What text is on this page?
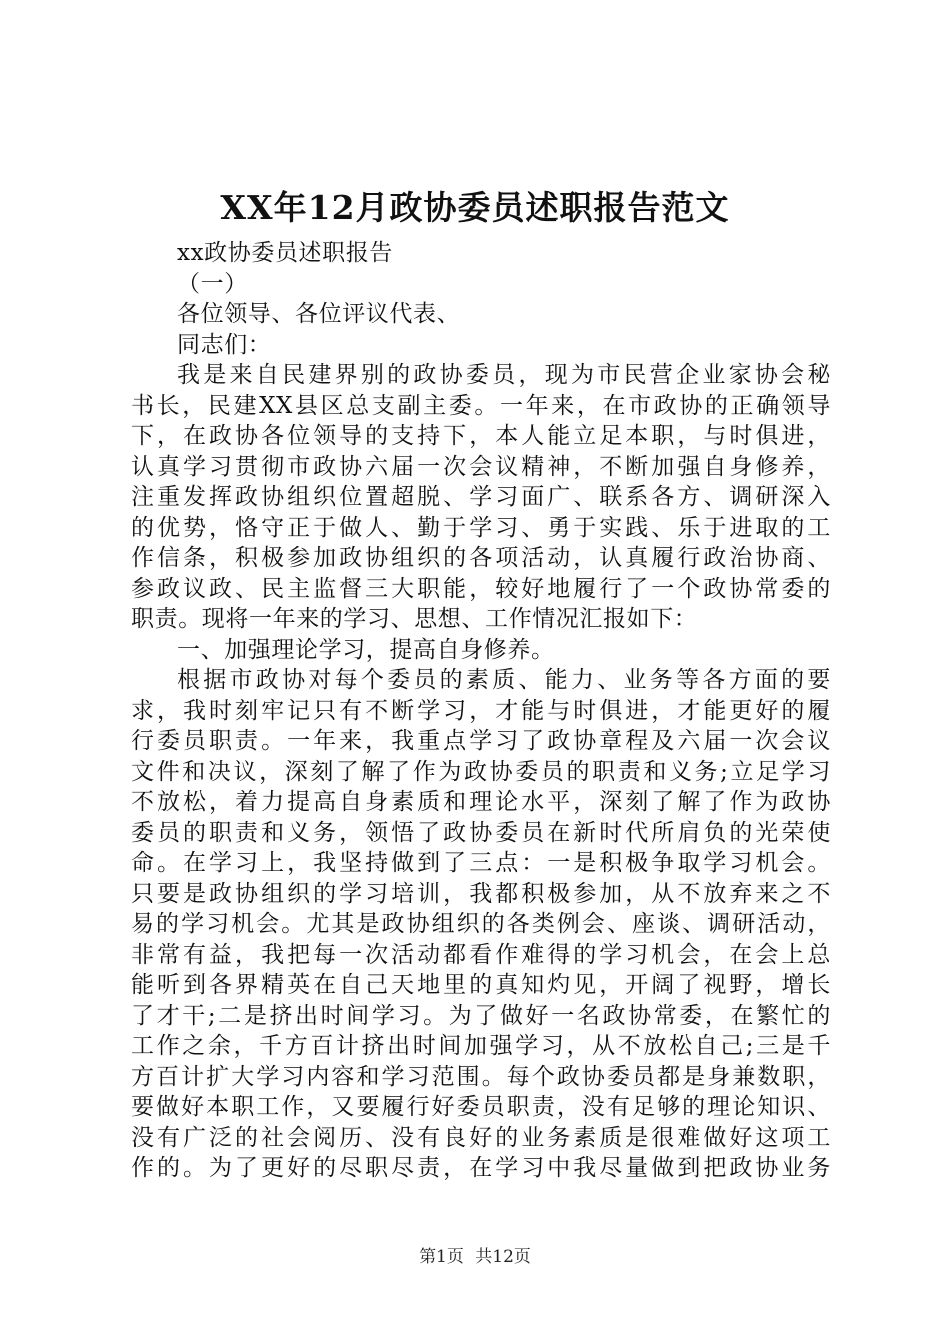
XX年12月政协委员述职报告范文

xx政协委员述职报告

（一）

各位领导、各位评议代表、

同志们：

我是来自民建界别的政协委员，现为市民营企业家协会秘

书长，民建XX县区总支副主委。一年来，在市政协的正确领导

下，在政协各位领导的支持下，本人能立足本职，与时俱进，

认真学习贯彻市政协六届一次会议精神，不断加强自身修养，

注重发挥政协组织位置超脱、学习面广、联系各方、调研深入

的优势，恪守正于做人、勤于学习、勇于实践、乐于进取的工

作信条，积极参加政协组织的各项活动，认真履行政治协商、

参政议政、民主监督三大职能，较好地履行了一个政协常委的

职责。现将一年来的学习、思想、工作情况汇报如下：

一、加强理论学习，提高自身修养。

根据市政协对每个委员的素质、能力、业务等各方面的要

求，我时刻牢记只有不断学习，才能与时俱进，才能更好的履

行委员职责。一年来，我重点学习了政协章程及六届一次会议

文件和决议，深刻了解了作为政协委员的职责和义务;立足学习

不放松，着力提高自身素质和理论水平，深刻了解了作为政协

委员的职责和义务，领悟了政协委员在新时代所肩负的光荣使

命。在学习上，我坚持做到了三点：一是积极争取学习机会。

只要是政协组织的学习培训，我都积极参加，从不放弃来之不

易的学习机会。尤其是政协组织的各类例会、座谈、调研活动，

非常有益，我把每一次活动都看作难得的学习机会，在会上总

能听到各界精英在自己天地里的真知灼见，开阔了视野，增长

了才干;二是挤出时间学习。为了做好一名政协常委，在繁忙的

工作之余，千方百计挤出时间加强学习，从不放松自己;三是千

方百计扩大学习内容和学习范围。每个政协委员都是身兼数职，

要做好本职工作，又要履行好委员职责，没有足够的理论知识、

没有广泛的社会阅历、没有良好的业务素质是很难做好这项工

作的。为了更好的尽职尽责，在学习中我尽量做到把政协业务

第1页 共12页
